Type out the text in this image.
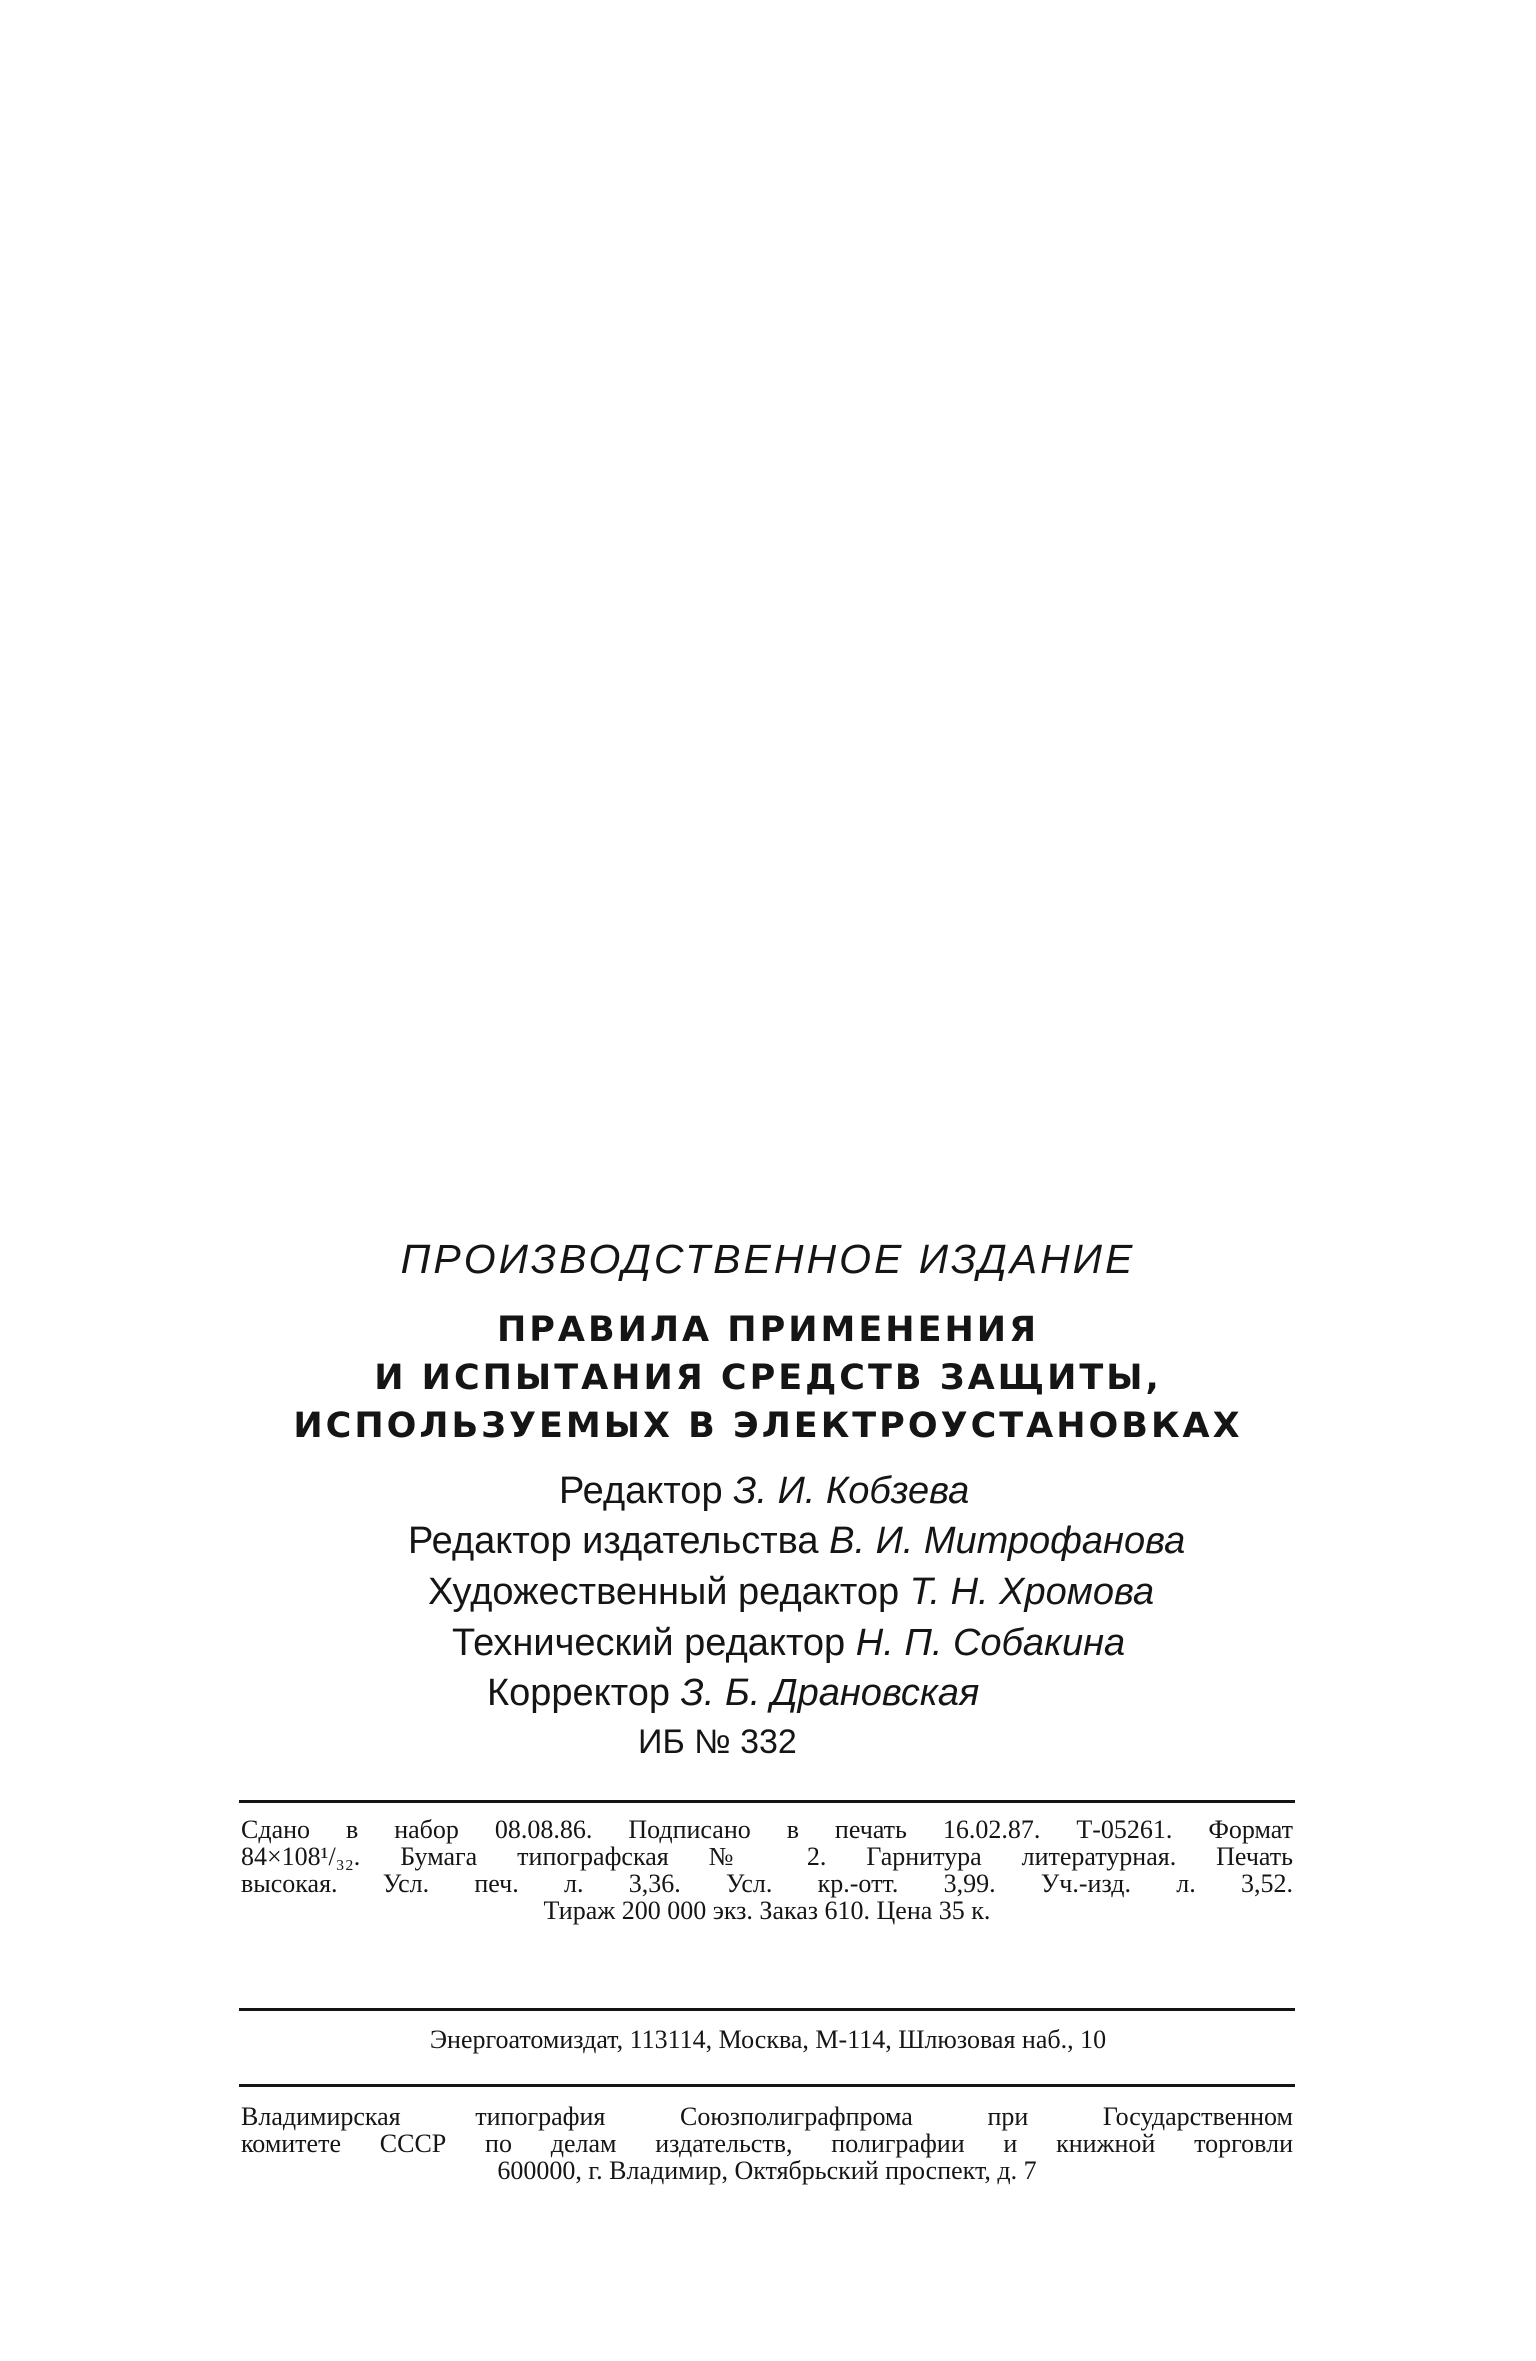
ПРОИЗВОДСТВЕННОЕ ИЗДАНИЕ
ПРАВИЛА ПРИМЕНЕНИЯ
И ИСПЫТАНИЯ СРЕДСТВ ЗАЩИТЫ,
ИСПОЛЬЗУЕМЫХ В ЭЛЕКТРОУСТАНОВКАХ
Редактор З. И. Кобзева
Редактор издательства В. И. Митрофанова
Художественный редактор Т. Н. Хромова
Технический редактор Н. П. Собакина
Корректор З. Б. Драновская
ИБ № 332
Сдано в набор 08.08.86. Подписано в печать 16.02.87. Т-05261. Формат
84×108¹/₃₂. Бумага типографская № 2. Гарнитура литературная. Печать
высокая. Усл. печ. л. 3,36. Усл. кр.-отт. 3,99. Уч.-изд. л. 3,52.
Тираж 200 000 экз. Заказ 610. Цена 35 к.
Энергоатомиздат, 113114, Москва, М-114, Шлюзовая наб., 10
Владимирская типография Союзполиграфпрома при Государственном
комитете СССР по делам издательств, полиграфии и книжной торговли
600000, г. Владимир, Октябрьский проспект, д. 7
